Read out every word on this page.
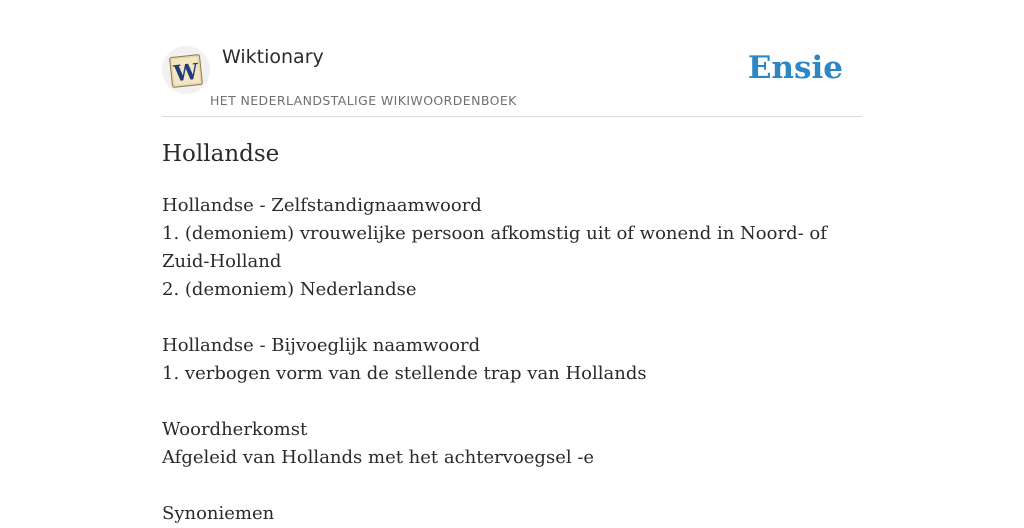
W
Wiktionary
HET NEDERLANDSTALIGE WIKIWOORDENBOEK
Ensie
Hollandse
Hollandse - Zelfstandignaamwoord
1. (demoniem) vrouwelijke persoon afkomstig uit of wonend in Noord- of Zuid-Holland
2. (demoniem) Nederlandse
Hollandse - Bijvoeglijk naamwoord
1. verbogen vorm van de stellende trap van Hollands
Woordherkomst
Afgeleid van Hollands met het achtervoegsel -e
Synoniemen
